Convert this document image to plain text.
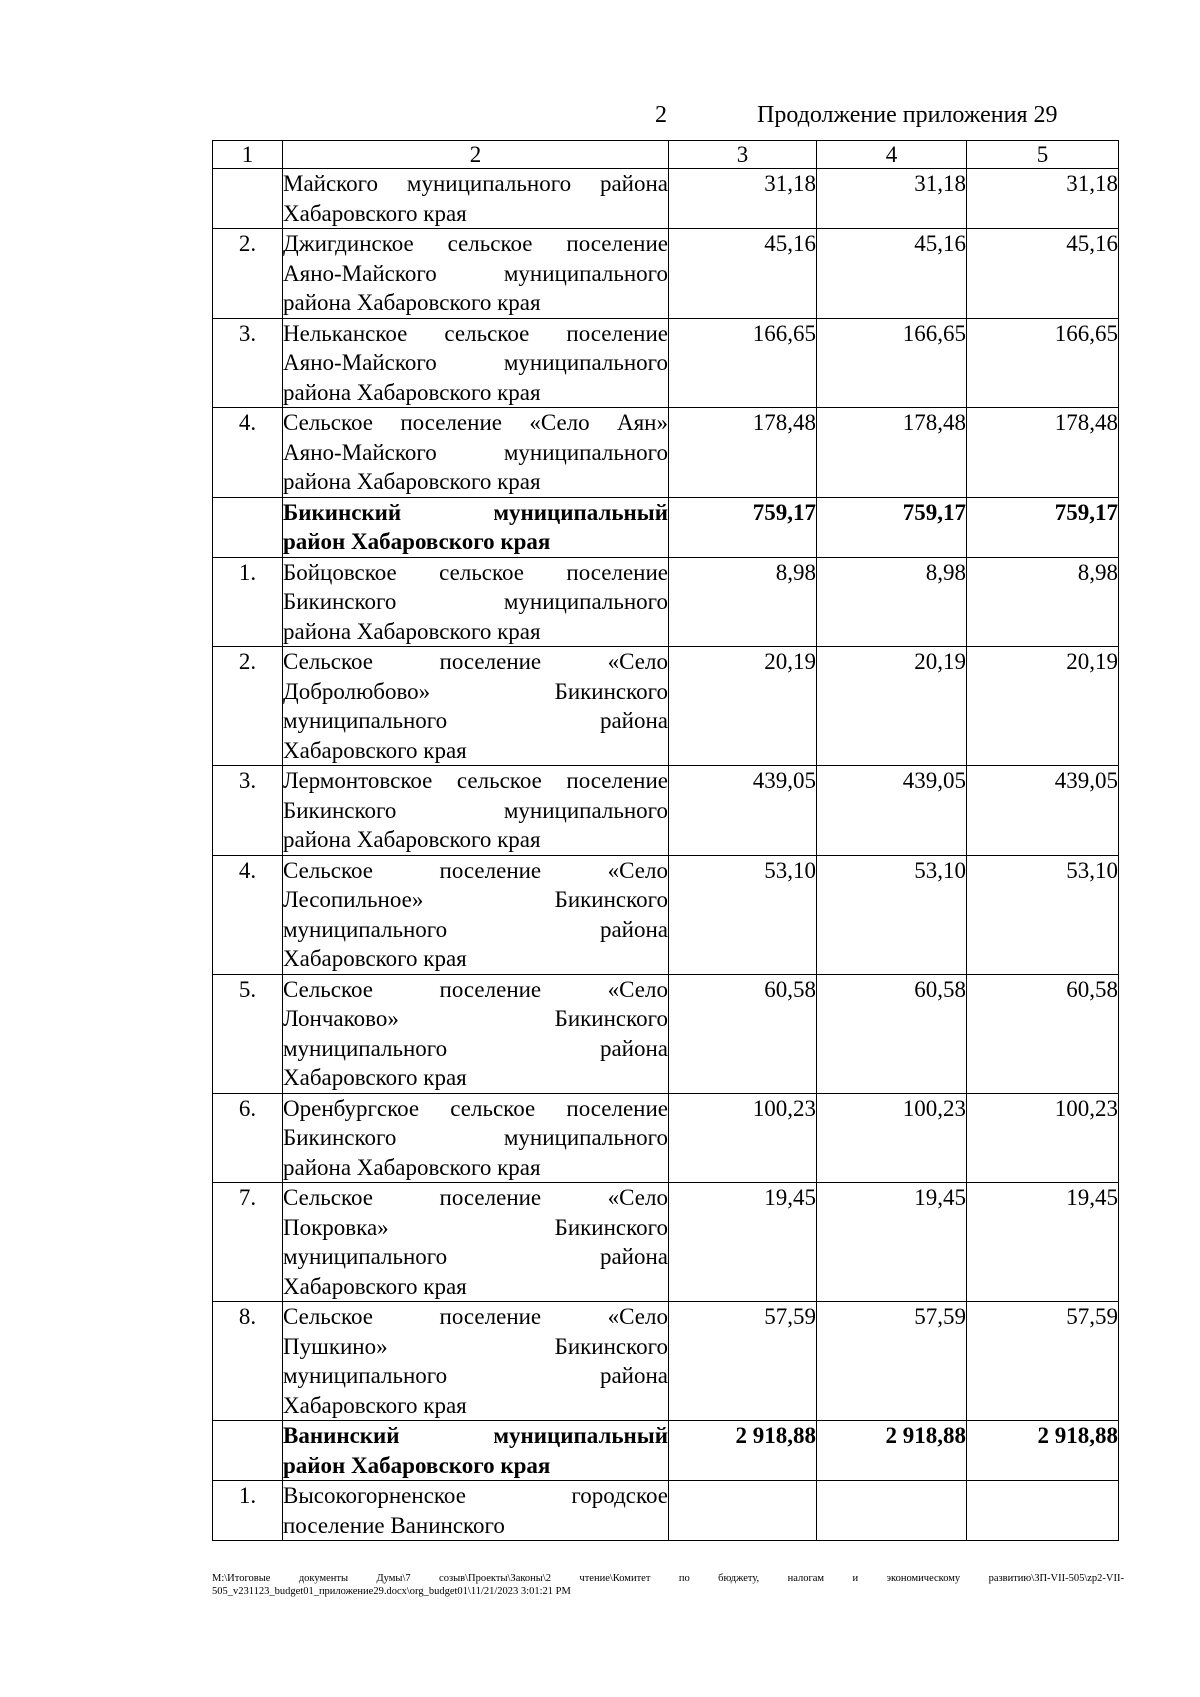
2	Продолжение приложения 29
1	2	3	4	5

	Майского муниципального района
Хабаровского края	31,18	31,18	31,18
2.	Джигдинское сельское поселение
Аяно-Майского муниципального
района Хабаровского края	45,16	45,16	45,16
3.	Нельканское сельское поселение
Аяно-Майского муниципального
района Хабаровского края	166,65	166,65	166,65
4.	Сельское поселение «Село Аян»
Аяно-Майского муниципального
района Хабаровского края	178,48	178,48	178,48

	Бикинский муниципальный
район Хабаровского края	759,17	759,17	759,17
1.	Бойцовское сельское поселение
Бикинского муниципального
района Хабаровского края	8,98	8,98	8,98
2.	Сельское поселение «Село
Добролюбово» Бикинского
муниципального района
Хабаровского края	20,19	20,19	20,19
3.	Лермонтовское сельское поселение
Бикинского муниципального
района Хабаровского края	439,05	439,05	439,05
4.	Сельское поселение «Село
Лесопильное» Бикинского
муниципального района
Хабаровского края	53,10	53,10	53,10
5.	Сельское поселение «Село
Лончаково» Бикинского
муниципального района
Хабаровского края	60,58	60,58	60,58
6.	Оренбургское сельское поселение
Бикинского муниципального
района Хабаровского края	100,23	100,23	100,23
7.	Сельское поселение «Село
Покровка» Бикинского
муниципального района
Хабаровского края	19,45	19,45	19,45
8.	Сельское поселение «Село
Пушкино» Бикинского
муниципального района
Хабаровского края	57,59	57,59	57,59

	Ванинский муниципальный
район Хабаровского края	2 918,88	2 918,88	2 918,88
1.	Высокогорненское городское
поселение Ванинского			

M:\Итоговые документы Думы\7 созыв\Проекты\Законы\2 чтение\Комитет по бюджету, налогам и экономическому развитию\ЗП-VII-505\zp2-VII-505_v231123_budget01_приложение29.docx\org_budget01\11/21/2023 3:01:21 PM
